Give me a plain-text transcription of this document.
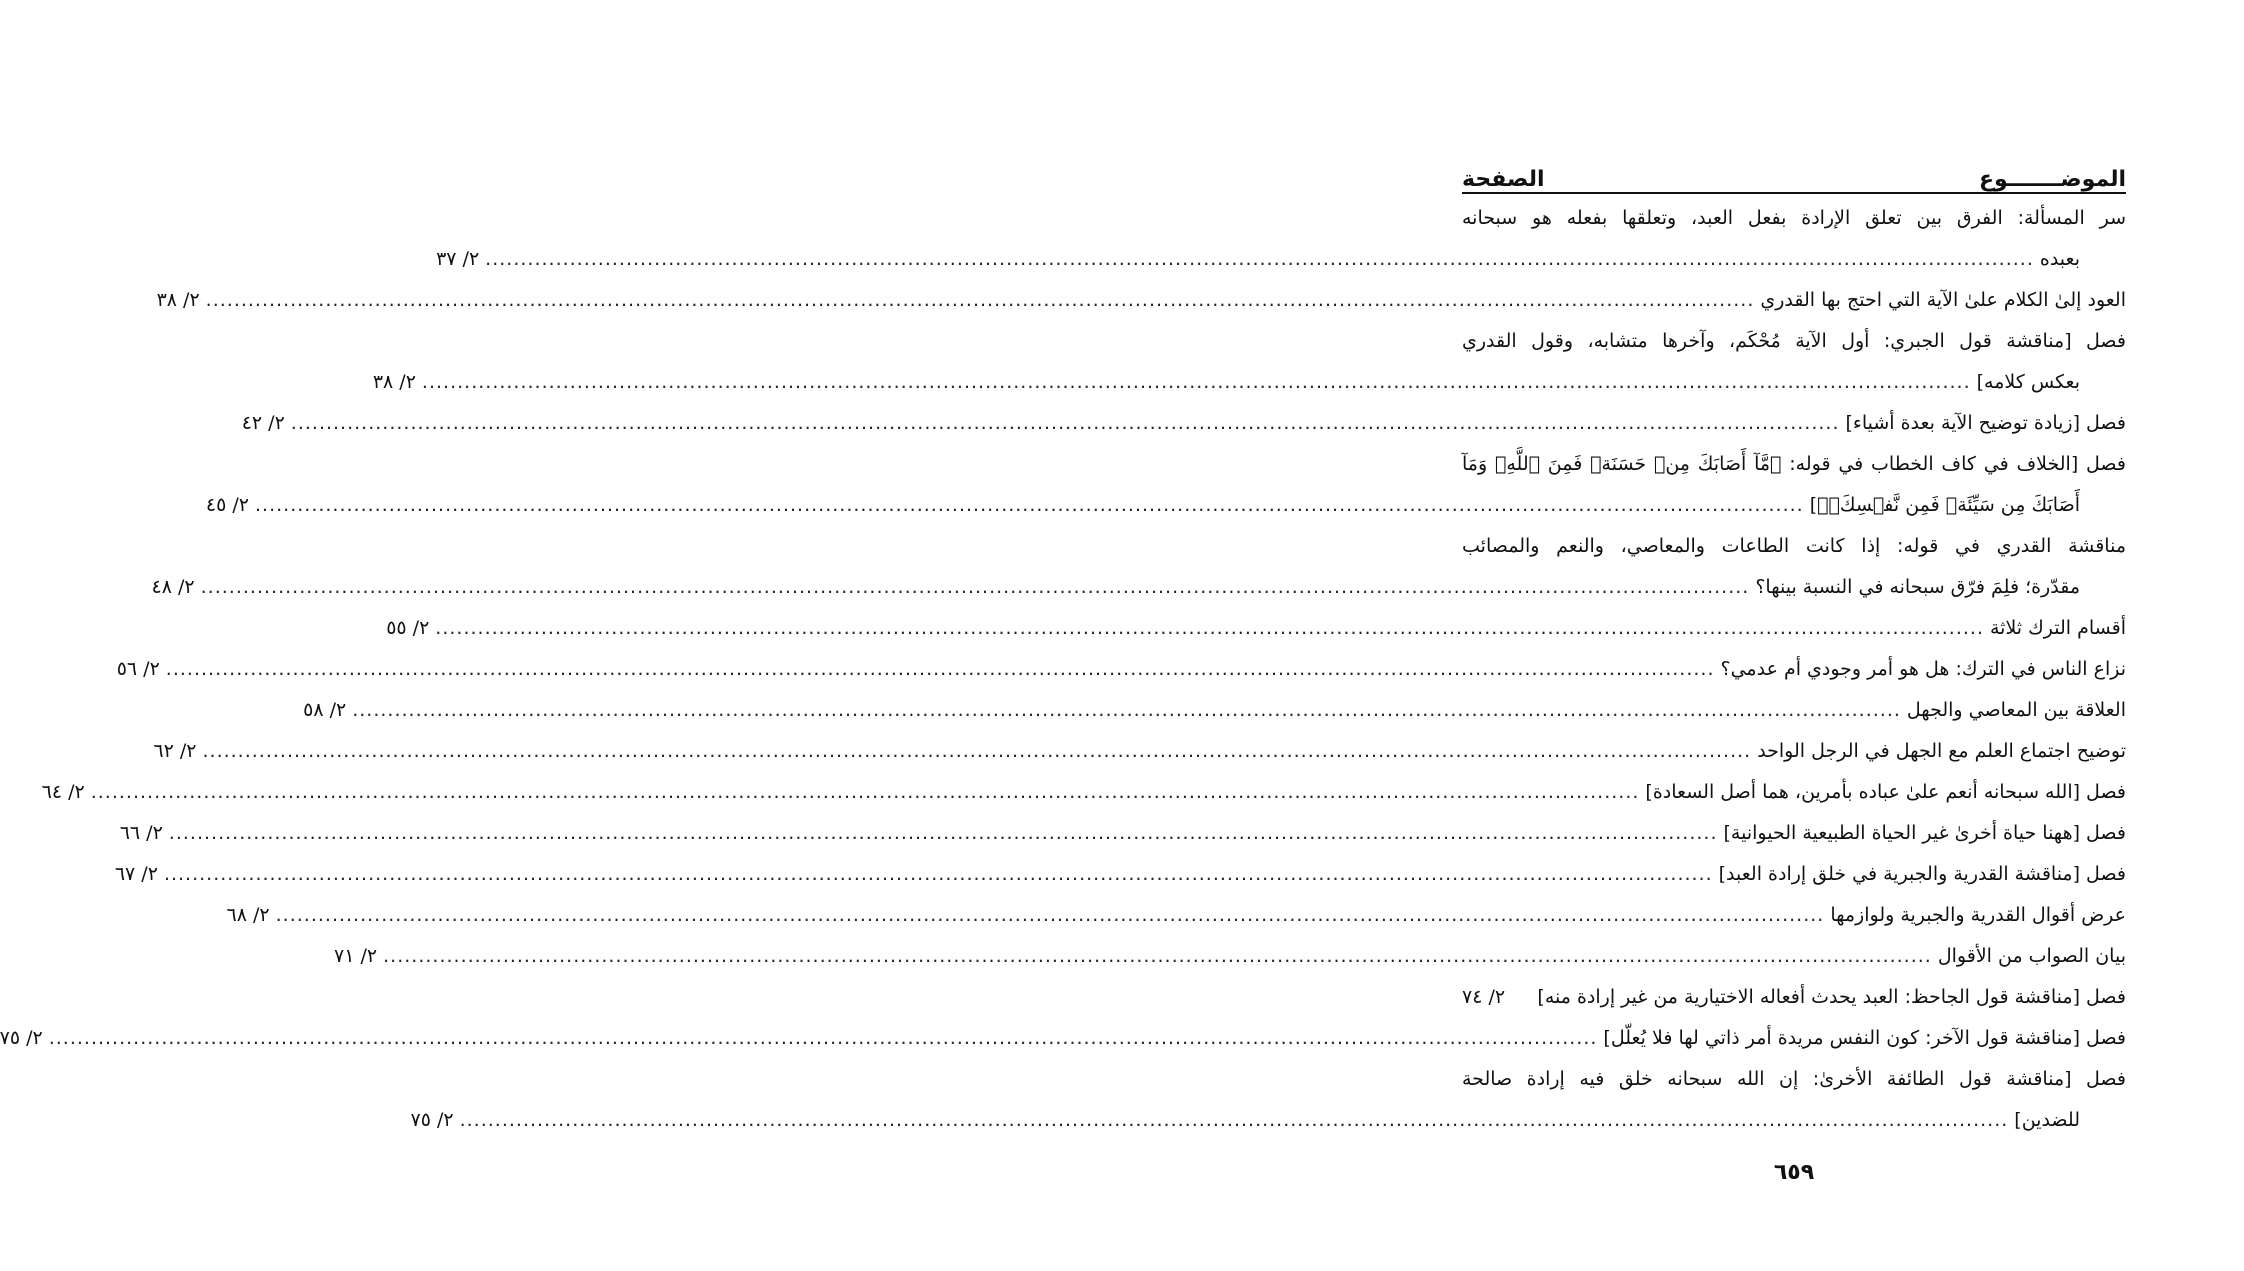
الموضـــــــوع
الصفحة
سر المسألة: الفرق بين تعلق الإرادة بفعل العبد، وتعلقها بفعله هو سبحانه
بعبده
............................................................................................................................................................................................................................
٢/ ٣٧
العود إلىٰ الكلام علىٰ الآية التي احتج بها القدري
............................................................................................................................................................................................................................
٢/ ٣٨
فصل [مناقشة قول الجبري: أول الآية مُحْكَم، وآخرها متشابه، وقول القدري
بعكس كلامه]
............................................................................................................................................................................................................................
٢/ ٣٨
فصل [زيادة توضيح الآية بعدة أشياء]
............................................................................................................................................................................................................................
٢/ ٤٢
فصل [الخلاف في كاف الخطاب في قوله: ﴿مَّآ أَصَابَكَ مِنۡ حَسَنَةٖ فَمِنَ ٱللَّهِۖ وَمَآ
أَصَابَكَ مِن سَيِّئَةٖ فَمِن نَّفۡسِكَۚ﴾]
............................................................................................................................................................................................................................
٢/ ٤٥
مناقشة القدري في قوله: إذا كانت الطاعات والمعاصي، والنعم والمصائب
مقدّرة؛ فلِمَ فرّق سبحانه في النسبة بينها؟
............................................................................................................................................................................................................................
٢/ ٤٨
أقسام الترك ثلاثة
............................................................................................................................................................................................................................
٢/ ٥٥
نزاع الناس في الترك: هل هو أمر وجودي أم عدمي؟
............................................................................................................................................................................................................................
٢/ ٥٦
العلاقة بين المعاصي والجهل
............................................................................................................................................................................................................................
٢/ ٥٨
توضيح اجتماع العلم مع الجهل في الرجل الواحد
............................................................................................................................................................................................................................
٢/ ٦٢
فصل [الله سبحانه أنعم علىٰ عباده بأمرين، هما أصل السعادة]
............................................................................................................................................................................................................................
٢/ ٦٤
فصل [ههنا حياة أخرىٰ غير الحياة الطبيعية الحيوانية]
............................................................................................................................................................................................................................
٢/ ٦٦
فصل [مناقشة القدرية والجبرية في خلق إرادة العبد]
............................................................................................................................................................................................................................
٢/ ٦٧
عرض أقوال القدرية والجبرية ولوازمها
............................................................................................................................................................................................................................
٢/ ٦٨
بيان الصواب من الأقوال
............................................................................................................................................................................................................................
٢/ ٧١
فصل [مناقشة قول الجاحظ: العبد يحدث أفعاله الاختيارية من غير إرادة منه]
٢/ ٧٤
فصل [مناقشة قول الآخر: كون النفس مريدة أمر ذاتي لها فلا يُعلّل]
............................................................................................................................................................................................................................
٢/ ٧٥
فصل [مناقشة قول الطائفة الأخرىٰ: إن الله سبحانه خلق فيه إرادة صالحة
للضدين]
............................................................................................................................................................................................................................
٢/ ٧٥
٦٥٩
